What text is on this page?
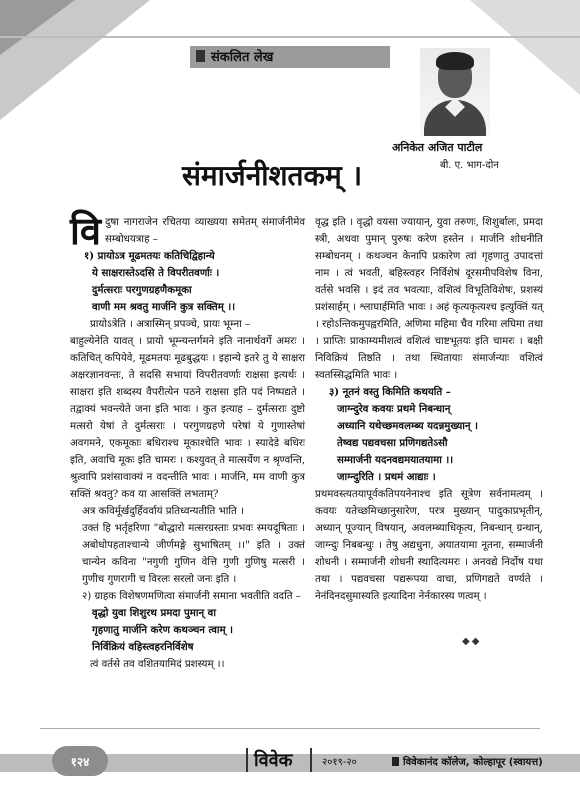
संकलित लेख
अनिकेत अजित पाटील
बी. ए. भाग-दोन
संमार्जनीशतकम् ।

विदुषा नागराजेन रचितया व्याख्यया समेतम् संमार्जनीमेव सम्बोधयत्राह –

१) प्रायोऽत्र मूढमतयः कतिचिद्विहान्ये
ये साक्षरास्तेऽदसि ते विपरीतवर्णाः ।
दुर्मत्सराः परगुणग्रहणैकमूका
वाणी मम श्रवतु मार्जनि कुत्र सक्तिम् ।।
प्रायोऽत्रेति । अत्रास्मिन् प्रपञ्चे, प्रायः भूम्ना –

बाहुल्येनेति यावत् । प्रायो भूम्न्यन्तर्गमने इति नानार्थवर्गे अमरः । कतिचित् कपियेवे, मूढमतयः मूढबुद्धयः । इहान्ये इतरे तु ये साक्षरा अक्षरज्ञानवन्तः, ते सदसि सभायां विपरीतवर्णाः राक्षसा इत्यर्थः । साक्षरा इति शब्दस्य वैपरीत्येन पठने राक्षसा इति पदं निष्पद्यते । तद्वाक्यं भवन्त्येते जना इति भावः । कुत इत्याह – दुर्मत्सराः दुष्टो मत्सरो येषां ते दुर्मत्सराः । परगुणग्रहणे परेषां ये गुणास्तेषां अवगमने, एकमूकाः बधिराश्च मूकाश्चेति भावः । स्यादेडे बधिरः इति, अवाचि मूकः इति चामरः । कश्युवत् ते मात्सर्येण न श्रृण्वन्ति, श्रुत्वापि प्रशंसावाक्यं न वदन्तीति भावः । मार्जनि, मम वाणी कुत्र सक्तिं श्रवतु? कव या आसक्तिं लभताम्?

अत्र कविर्मूर्खदुर्हिवर्वायं प्रतिध्वन्यतीति भाति ।

उक्तं हि भर्तृहरिणा "बोद्धारो मत्सरग्रस्ताः प्रभवः स्मयदूषिताः । अबोधोपहताश्चान्ये जीर्णमङ्गे सुभाषितम् ।।" इति । उक्तं चान्येन कविना "नगुणी गुणिन वेत्ति गुणी गुणिषु मत्सरी । गुणीच गुणरागी च विरलः सरलो जनः इति ।

२) ग्राहक विशेषणमणित्वा संमार्जनी समाना भवतीति वदति –

वृद्धो युवा शिशुरथ प्रमदा पुमान् वा
गृहणातु मार्जनि करेण कथञ्चन त्वाम् ।
निर्विक्रियं वहिस्त्वहरनिर्विशेष
त्वं वर्तसे तव वशितयामिदं प्रशस्यम् ।।

वृद्ध इति । वृद्धो वयसा ज्यायान्, युवा तरुणः, शिशुर्बालः, प्रमदा स्त्री, अथवा पुमान् पुरुषः करेण हस्तेन । मार्जनि शोधनीति सम्बोधनम् । कथञ्चन केनापि प्रकारेण त्वां गृहणातु उपादत्तां नाम । त्वं भवती, बहिस्त्वहर निर्विशेषं दूरसमीपविशेष विना, वर्तसे भवसि । इदं तव भवत्याः, वशित्वं विभूतिविशेषः, प्रशस्यं प्रशंसार्हम् । श्लाघार्हमिति भावः । अहं कृत्यकृत्यश्च इत्युक्तिं यत् । रहोऽन्तिकमुपह्वरमिति, अणिमा महिमा चैव गरिमा लघिमा तथा । प्राप्तिः प्राकाम्यमीशत्वं वशित्वं चाष्टभूतयः इति चामरः । बक्षी निविक्रियं तिष्ठति । तथा स्थितायाः संमार्जन्याः वशित्वं स्वतस्सिद्धमिति भावः ।

३) नूतनं वस्तु किमिति कथयति –
जाग्न्दुरेव कवयः प्रथमे निबन्धान्
अध्यानि यथेच्छमवलम्ब्य यदन्नमुख्यान् ।
तेष्वद्य पद्यवचसा प्रणिगद्यतेऽसौ
सम्मार्जनी यदनवद्यमयातयामा ।।
जाग्न्दुरिति । प्रथमं आद्याः ।

प्रथमवस्त्यतयापूर्वकतिपयनेनाश्च इति सूत्रेण सर्वनामत्वम् । कवयः यतेच्छमिच्छानुसारेण, परत्र मुख्यान् पादुकाप्रभृतीन्, अध्यान् पूज्यान् विषयान्, अवलम्ब्याधिकृत्य, निबन्धान् ग्रन्थान्, जाग्न्दुः निबबन्धुः । तेषु अद्यधुना, अयातयामा नूतना, सम्मार्जनी शोधनी । सम्मार्जनी शोधनी स्थादित्यमरः । अनवद्ये निर्दोष यथा तथा । पद्यवचसा पद्यरूपया वाचा, प्रणिगद्यते वर्ण्यते । नेनंदिनदसुमास्यति इत्यादिना नेर्नकारस्य णत्वम् ।

◆◆
१२४	विवेक	२०१९-२०	विवेकानंद कॉलेज, कोल्हापूर (स्वायत्त)
